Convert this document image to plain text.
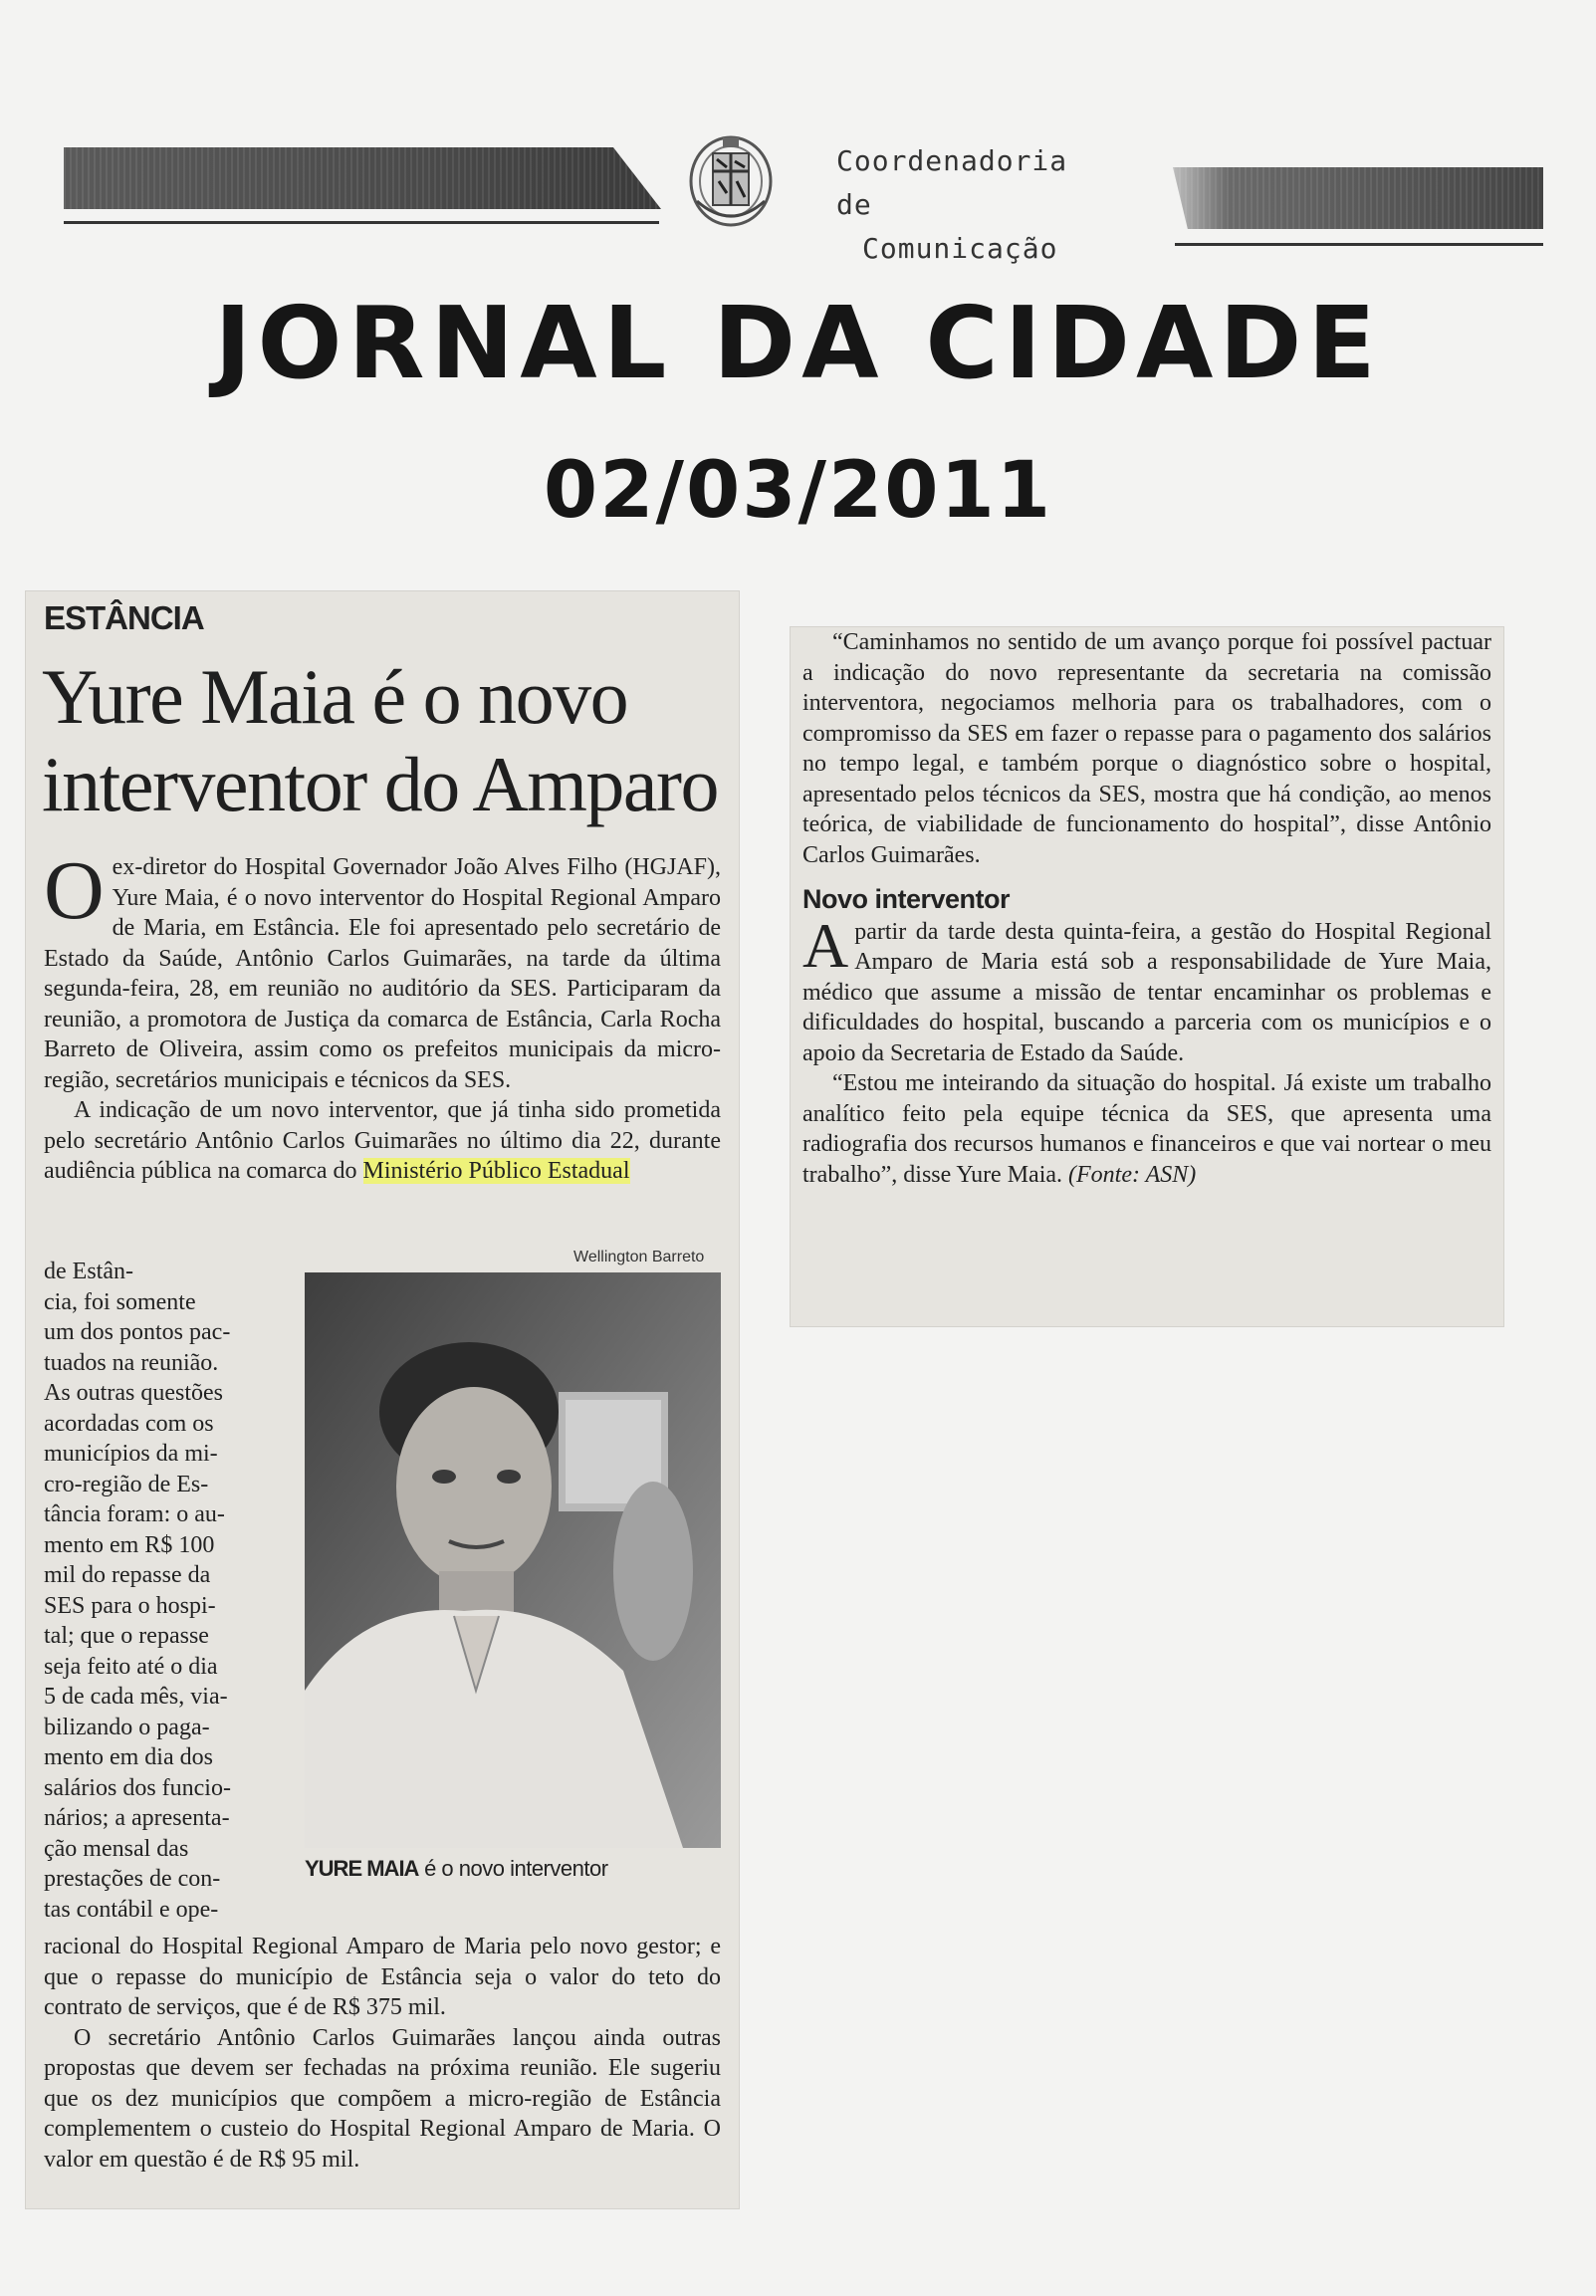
Coordenadoria de
Comunicação
JORNAL DA CIDADE
02/03/2011
ESTÂNCIA
Yure Maia é o novo interventor do Amparo

Oex-diretor do Hospital Governador João Alves Filho (HGJAF), Yure Maia, é o novo interventor do Hospital Regional Amparo de Maria, em Estância. Ele foi apresentado pelo secretário de Estado da Saúde, Antônio Carlos Guimarães, na tarde da última segunda-feira, 28, em reunião no auditório da SES. Participaram da reunião, a promotora de Justiça da comarca de Estância, Carla Rocha Barreto de Oliveira, assim como os prefeitos municipais da micro-região, secretários municipais e técnicos da SES.

A indicação de um novo interventor, que já tinha sido prometida pelo secretário Antônio Carlos Guimarães no último dia 22, durante audiência pública na comarca do Ministério Público Estadual

de Estân-
cia, foi somente
um dos pontos pac-
tuados na reunião.
As outras questões
acordadas com os
municípios da mi-
cro-região de Es-
tância foram: o au-
mento em R$ 100
mil do repasse da
SES para o hospi-
tal; que o repasse
seja feito até o dia
5 de cada mês, via-
bilizando o paga-
mento em dia dos
salários dos funcio-
nários; a apresenta-
ção mensal das
prestações de con-
tas contábil e ope-

Wellington Barreto
YURE MAIA é o novo interventor

racional do Hospital Regional Amparo de Maria pelo novo gestor; e que o repasse do município de Estância seja o valor do teto do contrato de serviços, que é de R$ 375 mil.

O secretário Antônio Carlos Guimarães lançou ainda outras propostas que devem ser fechadas na próxima reunião. Ele sugeriu que os dez municípios que compõem a micro-região de Estância complementem o custeio do Hospital Regional Amparo de Maria. O valor em questão é de R$ 95 mil.

“Caminhamos no sentido de um avanço porque foi possível pactuar a indicação do novo representante da secretaria na comissão interventora, negociamos melhoria para os trabalhadores, com o compromisso da SES em fazer o repasse para o pagamento dos salários no tempo legal, e também porque o diagnóstico sobre o hospital, apresentado pelos técnicos da SES, mostra que há condição, ao menos teórica, de viabilidade de funcionamento do hospital”, disse Antônio Carlos Guimarães.

Novo interventor

Apartir da tarde desta quinta-feira, a gestão do Hospital Regional Amparo de Maria está sob a responsabilidade de Yure Maia, médico que assume a missão de tentar encaminhar os problemas e dificuldades do hospital, buscando a parceria com os municípios e o apoio da Secretaria de Estado da Saúde.

“Estou me inteirando da situação do hospital. Já existe um trabalho analítico feito pela equipe técnica da SES, que apresenta uma radiografia dos recursos humanos e financeiros e que vai nortear o meu trabalho”, disse Yure Maia. (Fonte: ASN)
